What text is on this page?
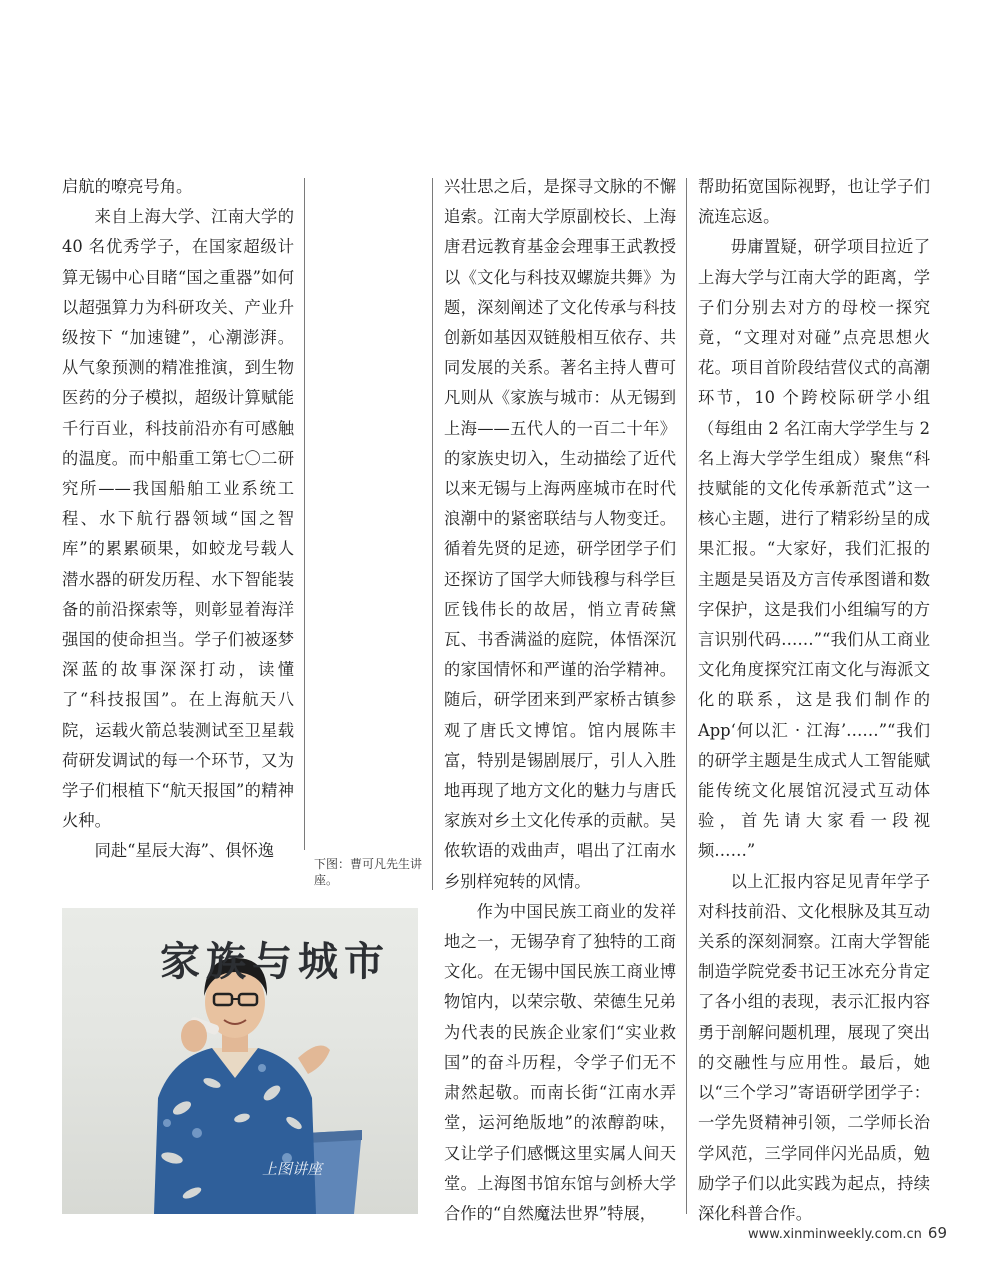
启航的嘹亮号角。

来自上海大学、江南大学的 40 名优秀学子，在国家超级计算无锡中心目睹“国之重器”如何以超强算力为科研攻关、产业升级按下 “加速键”，心潮澎湃。从气象预测的精准推演，到生物医药的分子模拟，超级计算赋能千行百业，科技前沿亦有可感触的温度。而中船重工第七〇二研究所——我国船舶工业系统工程、水下航行器领域“国之智库”的累累硕果，如蛟龙号载人潜水器的研发历程、水下智能装备的前沿探索等，则彰显着海洋强国的使命担当。学子们被逐梦深蓝的故事深深打动，读懂了“科技报国”。在上海航天八院，运载火箭总装测试至卫星载荷研发调试的每一个环节，又为学子们根植下“航天报国”的精神火种。

同赴“星辰大海”、俱怀逸

兴壮思之后，是探寻文脉的不懈追索。江南大学原副校长、上海唐君远教育基金会理事王武教授以《文化与科技双螺旋共舞》为题，深刻阐述了文化传承与科技创新如基因双链般相互依存、共同发展的关系。著名主持人曹可凡则从《家族与城市：从无锡到上海——五代人的一百二十年》的家族史切入，生动描绘了近代以来无锡与上海两座城市在时代浪潮中的紧密联结与人物变迁。循着先贤的足迹，研学团学子们还探访了国学大师钱穆与科学巨匠钱伟长的故居，悄立青砖黛瓦、书香满溢的庭院，体悟深沉的家国情怀和严谨的治学精神。随后，研学团来到严家桥古镇参观了唐氏文博馆。馆内展陈丰富，特别是锡剧展厅，引人入胜地再现了地方文化的魅力与唐氏家族对乡土文化传承的贡献。吴侬软语的戏曲声，唱出了江南水乡别样宛转的风情。

作为中国民族工商业的发祥地之一，无锡孕育了独特的工商文化。在无锡中国民族工商业博物馆内，以荣宗敬、荣德生兄弟为代表的民族企业家们“实业救国”的奋斗历程，令学子们无不肃然起敬。而南长街“江南水弄堂，运河绝版地”的浓醇韵味，又让学子们感慨这里实属人间天堂。上海图书馆东馆与剑桥大学合作的“自然魔法世界”特展，

帮助拓宽国际视野，也让学子们流连忘返。

毋庸置疑，研学项目拉近了上海大学与江南大学的距离，学子们分别去对方的母校一探究竟，“文理对对碰”点亮思想火花。项目首阶段结营仪式的高潮环节，10 个跨校际研学小组（每组由 2 名江南大学学生与 2 名上海大学学生组成）聚焦“科技赋能的文化传承新范式”这一核心主题，进行了精彩纷呈的成果汇报。“大家好，我们汇报的主题是吴语及方言传承图谱和数字保护，这是我们小组编写的方言识别代码……”“我们从工商业文化角度探究江南文化与海派文化的联系，这是我们制作的 App‘何以汇 · 江海’……”“我们的研学主题是生成式人工智能赋能传统文化展馆沉浸式互动体验，首先请大家看一段视频……”

以上汇报内容足见青年学子对科技前沿、文化根脉及其互动关系的深刻洞察。江南大学智能制造学院党委书记王冰充分肯定了各小组的表现，表示汇报内容勇于剖解问题机理，展现了突出的交融性与应用性。最后，她以“三个学习”寄语研学团学子：一学先贤精神引领，二学师长治学风范，三学同伴闪光品质，勉励学子们以此实践为起点，持续深化科普合作。

下图：曹可凡先生讲座。
家族与城市
上图讲座
www.xinminweekly.com.cn 69
